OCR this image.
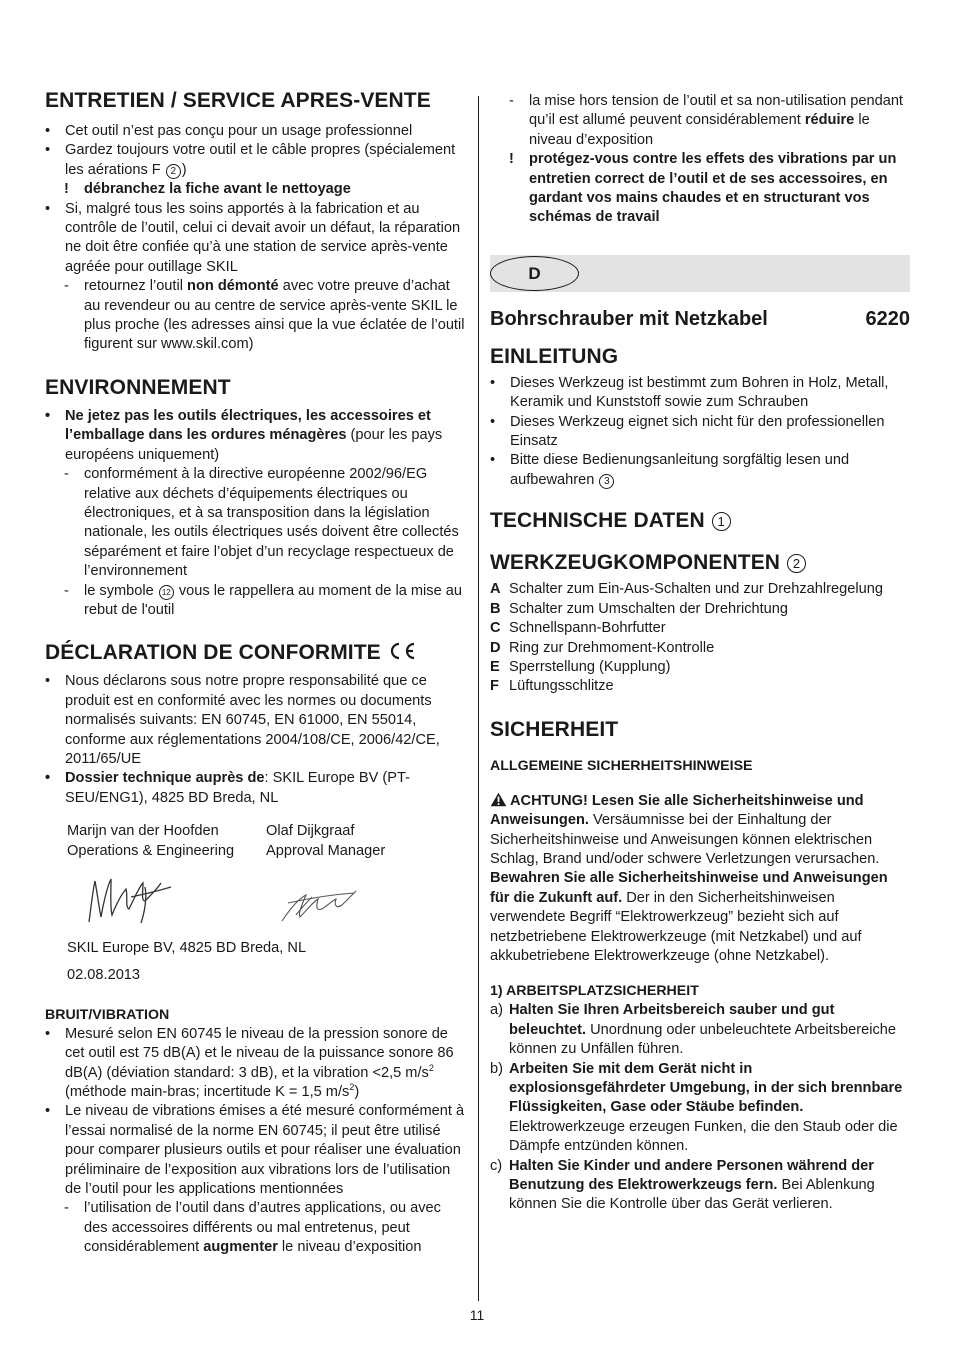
ENTRETIEN / SERVICE APRES-VENTE
• Cet outil n’est pas conçu pour un usage professionnel
• Gardez toujours votre outil et le câble propres (spécialement les aérations F 2 )
! débranchez la fiche avant le nettoyage
• Si, malgré tous les soins apportés à la fabrication et au contrôle de l’outil, celui ci devait avoir un défaut, la réparation ne doit être confiée qu’à une station de service après-vente agréée pour outillage SKIL
- retournez l’outil non démonté avec votre preuve d’achat au revendeur ou au centre de service après-vente SKIL le plus proche (les adresses ainsi que la vue éclatée de l’outil figurent sur www.skil.com)
ENVIRONNEMENT
• Ne jetez pas les outils électriques, les accessoires et l’emballage dans les ordures ménagères (pour les pays européens uniquement)
- conformément à la directive européenne 2002/96/EG relative aux déchets d’équipements électriques ou électroniques, et à sa transposition dans la législation nationale, les outils électriques usés doivent être collectés séparément et faire l’objet d’un recyclage respectueux de l’environnement
- le symbole 12 vous le rappellera au moment de la mise au rebut de l'outil
DÉCLARATION DE CONFORMITE
• Nous déclarons sous notre propre responsabilité que ce produit est en conformité avec les normes ou documents normalisés suivants: EN 60745, EN 61000, EN 55014, conforme aux réglementations 2004/108/CE, 2006/42/CE, 2011/65/UE
• Dossier technique auprès de: SKIL Europe BV (PT-SEU/ENG1), 4825 BD Breda, NL
Marijn van der Hoofden
Operations & Engineering
Olaf Dijkgraaf
Approval Manager
SKIL Europe BV, 4825 BD Breda, NL
02.08.2013
BRUIT/VIBRATION
• Mesuré selon EN 60745 le niveau de la pression sonore de cet outil est 75 dB(A) et le niveau de la puissance sonore 86 dB(A) (déviation standard: 3 dB), et la vibration <2,5 $m/s^2$ (méthode main-bras; incertitude K = 1,5 $m/s^2$)
• Le niveau de vibrations émises a été mesuré conformément à l’essai normalisé de la norme EN 60745; il peut être utilisé pour comparer plusieurs outils et pour réaliser une évaluation préliminaire de l’exposition aux vibrations lors de l’utilisation de l’outil pour les applications mentionnées
- l’utilisation de l’outil dans d’autres applications, ou avec des accessoires différents ou mal entretenus, peut considérablement augmenter le niveau d’exposition
- la mise hors tension de l’outil et sa non-utilisation pendant qu’il est allumé peuvent considérablement réduire le niveau d’exposition
! protégez-vous contre les effets des vibrations par un entretien correct de l’outil et de ses accessoires, en gardant vos mains chaudes et en structurant vos schémas de travail
D
Bohrschrauber mit Netzkabel	6220
EINLEITUNG
• Dieses Werkzeug ist bestimmt zum Bohren in Holz, Metall, Keramik und Kunststoff sowie zum Schrauben
• Dieses Werkzeug eignet sich nicht für den professionellen Einsatz
• Bitte diese Bedienungsanleitung sorgfältig lesen und aufbewahren 3
TECHNISCHE DATEN 1
WERKZEUGKOMPONENTEN 2
A Schalter zum Ein-Aus-Schalten und zur Drehzahlregelung
B Schalter zum Umschalten der Drehrichtung
C Schnellspann-Bohrfutter
D Ring zur Drehmoment-Kontrolle
E Sperrstellung (Kupplung)
F Lüftungsschlitze
SICHERHEIT
ALLGEMEINE SICHERHEITSHINWEISE
ACHTUNG! Lesen Sie alle Sicherheitshinweise und Anweisungen. Versäumnisse bei der Einhaltung der Sicherheitshinweise und Anweisungen können elektrischen Schlag, Brand und/oder schwere Verletzungen verursachen. Bewahren Sie alle Sicherheitshinweise und Anweisungen für die Zukunft auf. Der in den Sicherheitshinweisen verwendete Begriff “Elektrowerkzeug” bezieht sich auf netzbetriebene Elektrowerkzeuge (mit Netzkabel) und auf akkubetriebene Elektrowerkzeuge (ohne Netzkabel).
1) ARBEITSPLATZSICHERHEIT
a) Halten Sie Ihren Arbeitsbereich sauber und gut beleuchtet. Unordnung oder unbeleuchtete Arbeitsbereiche können zu Unfällen führen.
b) Arbeiten Sie mit dem Gerät nicht in explosionsgefährdeter Umgebung, in der sich brennbare Flüssigkeiten, Gase oder Stäube befinden. Elektrowerkzeuge erzeugen Funken, die den Staub oder die Dämpfe entzünden können.
c) Halten Sie Kinder und andere Personen während der Benutzung des Elektrowerkzeugs fern. Bei Ablenkung können Sie die Kontrolle über das Gerät verlieren.
11
